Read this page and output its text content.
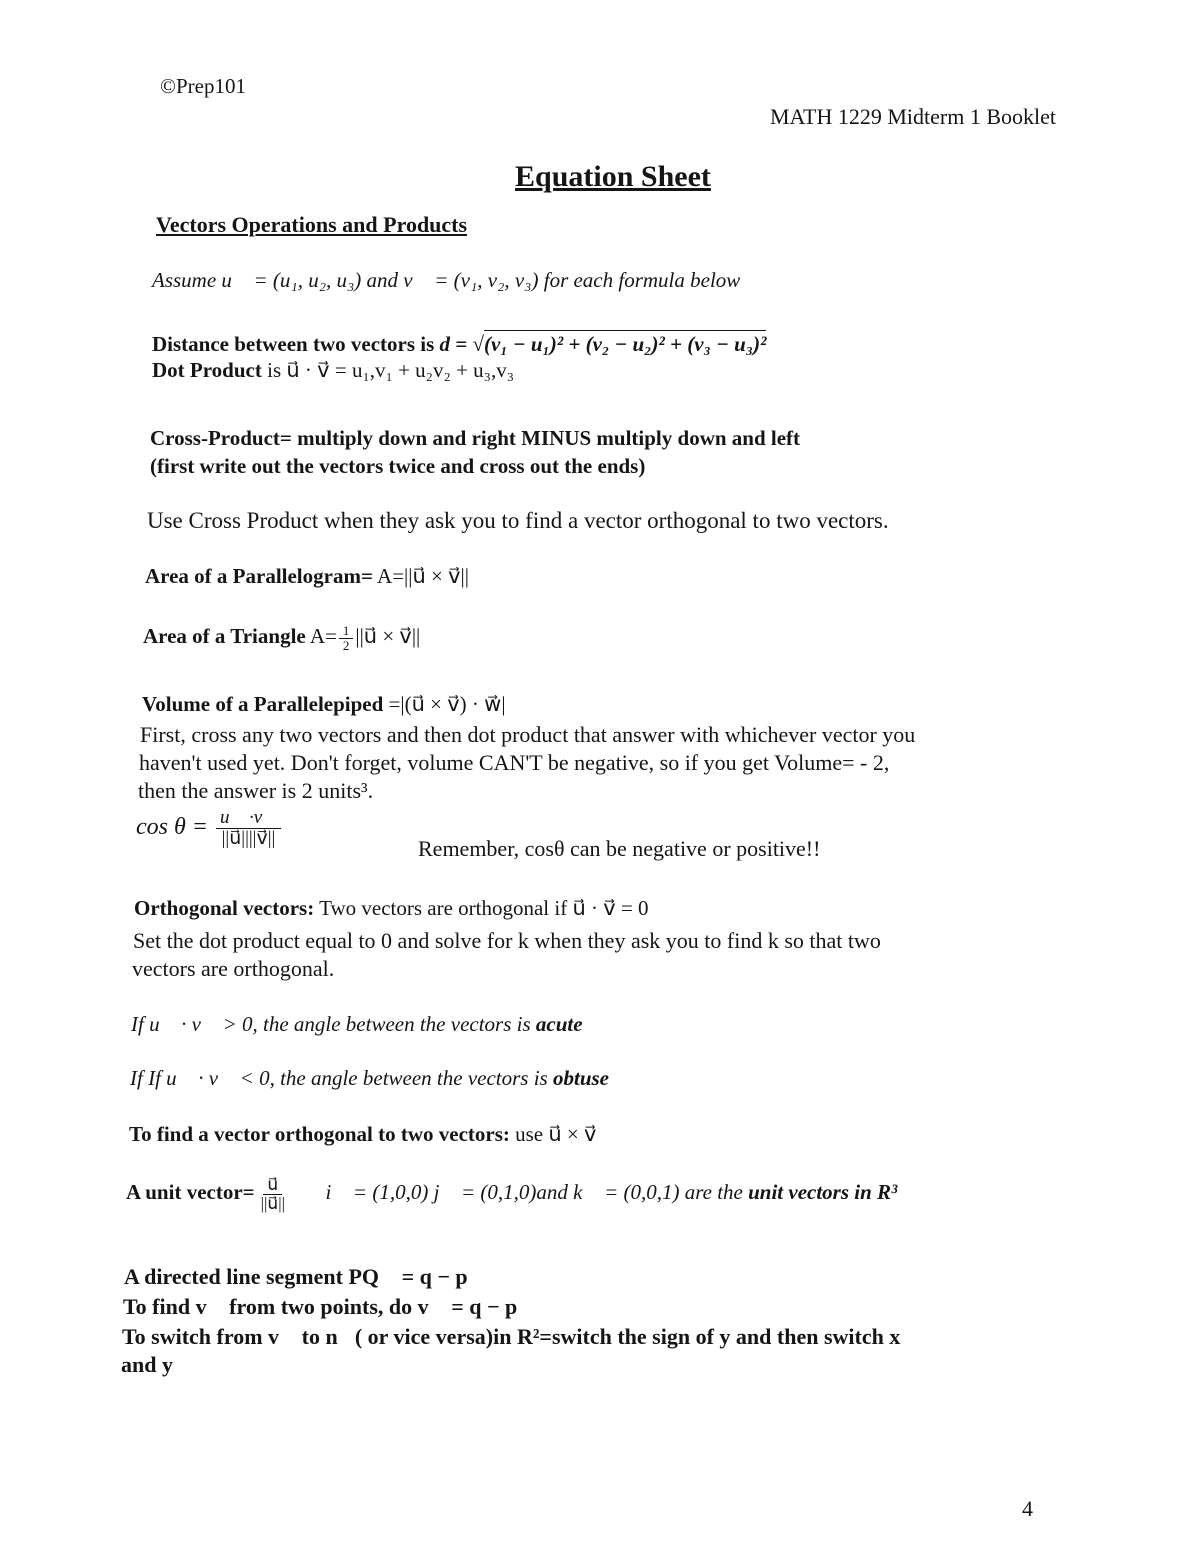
©Prep101
MATH 1229 Midterm 1 Booklet
Equation Sheet
Vectors Operations and Products
Assume u⃗ = (u₁, u₂, u₃) and v⃗ = (v₁, v₂, v₃) for each formula below
Distance between two vectors is d = √(v₁ − u₁)² + (v₂ − u₂)² + (v₃ − u₃)²
Dot Product is u⃗ · v⃗ = u₁,v₁ + u₂v₂ + u₃,v₃
Cross-Product= multiply down and right MINUS multiply down and left
(first write out the vectors twice and cross out the ends)
Use Cross Product when they ask you to find a vector orthogonal to two vectors.
Area of a Parallelogram= A=||u⃗ × v⃗||
Area of a Triangle $A= \frac{1}{2}$ ||u⃗ × v⃗||
Volume of a Parallelepiped =|(u⃗ × v⃗) · w⃗|
First, cross any two vectors and then dot product that answer with whichever vector you
haven't used yet. Don't forget, volume CAN'T be negative, so if you get Volume= - 2,
then the answer is 2 units³.
$\cos \theta = \frac{u⃗ \cdot v⃗}{||u⃗||||v⃗||}$	Remember, cosθ can be negative or positive!!
Orthogonal vectors: Two vectors are orthogonal if u⃗ · v⃗ = 0
Set the dot product equal to 0 and solve for k when they ask you to find k so that two
vectors are orthogonal.
If u⃗ · v⃗ > 0, the angle between the vectors is acute
If If u⃗ · v⃗ < 0, the angle between the vectors is obtuse
To find a vector orthogonal to two vectors: use u⃗ × v⃗
A unit vector= $\frac{u⃗}{||u⃗||}$ i⃗ = (1,0,0) j⃗ = (0,1,0)and k⃗ = (0,0,1) are the unit vectors in R³
A directed line segment PQ⃗ = q − p
To find v⃗ from two points, do v⃗ = q − p
To switch from v⃗ to n⃗( or vice versa)in R²=switch the sign of y and then switch x
and y
4
